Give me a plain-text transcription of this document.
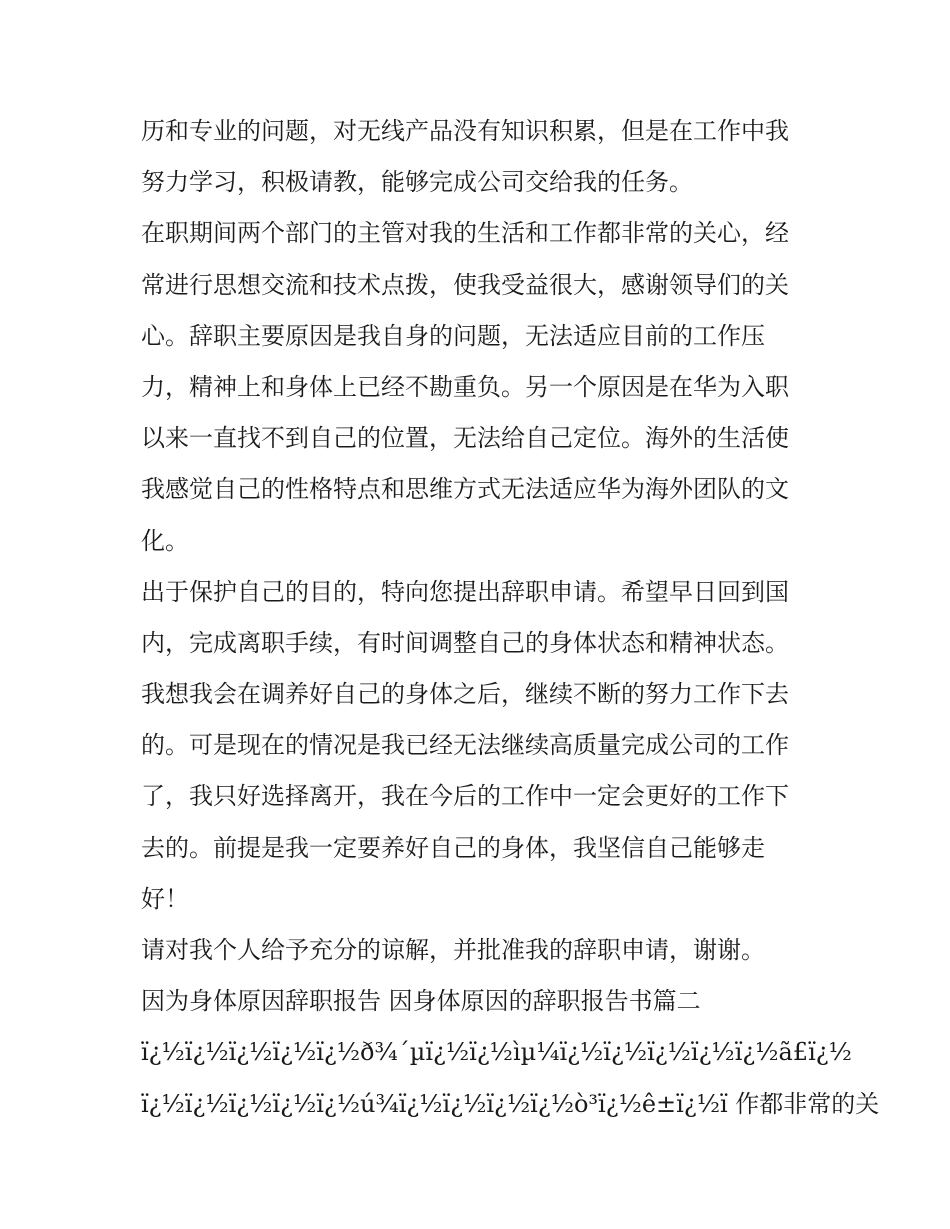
历和专业的问题，对无线产品没有知识积累，但是在工作中我
努力学习，积极请教，能够完成公司交给我的任务。
在职期间两个部门的主管对我的生活和工作都非常的关心，经
常进行思想交流和技术点拨，使我受益很大，感谢领导们的关
心。辞职主要原因是我自身的问题，无法适应目前的工作压
力，精神上和身体上已经不勘重负。另一个原因是在华为入职
以来一直找不到自己的位置，无法给自己定位。海外的生活使
我感觉自己的性格特点和思维方式无法适应华为海外团队的文
化。
出于保护自己的目的，特向您提出辞职申请。希望早日回到国
内，完成离职手续，有时间调整自己的身体状态和精神状态。
我想我会在调养好自己的身体之后，继续不断的努力工作下去
的。可是现在的情况是我已经无法继续高质量完成公司的工作
了，我只好选择离开，我在今后的工作中一定会更好的工作下
去的。前提是我一定要养好自己的身体，我坚信自己能够走
好！
请对我个人给予充分的谅解，并批准我的辞职申请，谢谢。
因为身体原因辞职报告 因身体原因的辞职报告书篇二
ï¿½ï¿½ï¿½ï¿½ï¿½ð¾´µï¿½ï¿½ìµ¼ï¿½ï¿½ï¿½ï¿½ï¿½ã£ï¿½
ï¿½ï¿½ï¿½ï¿½ï¿½ú¾ï¿½ï¿½ï¿½ï¿½ò³ï¿½ê±ï¿½ï 作都非常的关
